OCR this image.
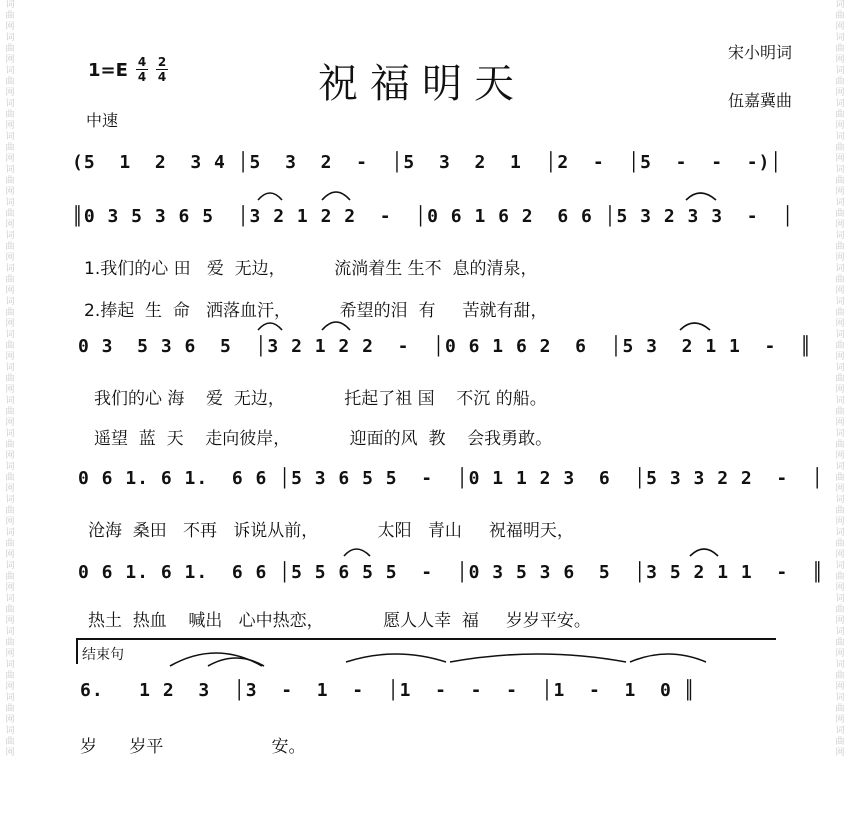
词
曲
网
词
曲
网
词
曲
网
词
曲
网
词
曲
网
词
曲
网
词
曲
网
词
曲
网
词
曲
网
词
曲
网
词
曲
网
词
曲
网
词
曲
网
词
曲
网
词
曲
网
词
曲
网
词
曲
网
词
曲
网
词
曲
网
词
曲
网
词
曲
网
词
曲
网
词
曲
网
词
曲
网
词
曲
网
词
曲
网
词
曲
网
词
曲
网
词
曲
网
词
曲
网
词
曲
网
词
曲
网
词
曲
网
词
曲
网
词
曲
网
词
曲
网
词
曲
网
词
曲
网
词
曲
网
词
曲
网
词
曲
网
词
曲
网
词
曲
网
词
曲
网
词
曲
网
词
曲
网
1=E 4
4
2
4	祝福明天
中速
宋小明词
伍嘉冀曲
(5  1  2  3 4 │5  3  2  -  │5  3  2  1  │2  -  │5  -  -  -)│
║0 3 5 3 6 5  │3 2 1 2 2  -  │0 6 1 6 2  6 6 │5 3 2 3 3  -  │
1.我们的心 田   爱  无边，         流淌着生 生不  息的清泉，
2.捧起  生  命   洒落血汗，         希望的泪  有     苦就有甜，
0 3  5 3 6  5  │3 2 1 2 2  -  │0 6 1 6 2  6  │5 3  2 1 1  -  ║
我们的心 海    爱  无边，           托起了祖 国    不沉 的船。
遥望  蓝  天    走向彼岸，           迎面的风  教    会我勇敢。
0 6 1. 6 1.  6 6 │5 3 6 5 5  -  │0 1 1 2 3  6  │5 3 3 2 2  -  │
沧海  桑田   不再   诉说从前，           太阳   青山     祝福明天，
0 6 1. 6 1.  6 6 │5 5 6 5 5  -  │0 3 5 3 6  5  │3 5 2 1 1  -  ║
热土  热血    喊出   心中热恋，           愿人人幸  福     岁岁平安。
结束句
6.   1 2  3  │3  -  1  -  │1  -  -  -  │1  -  1  0 ║
岁      岁平                    安。
